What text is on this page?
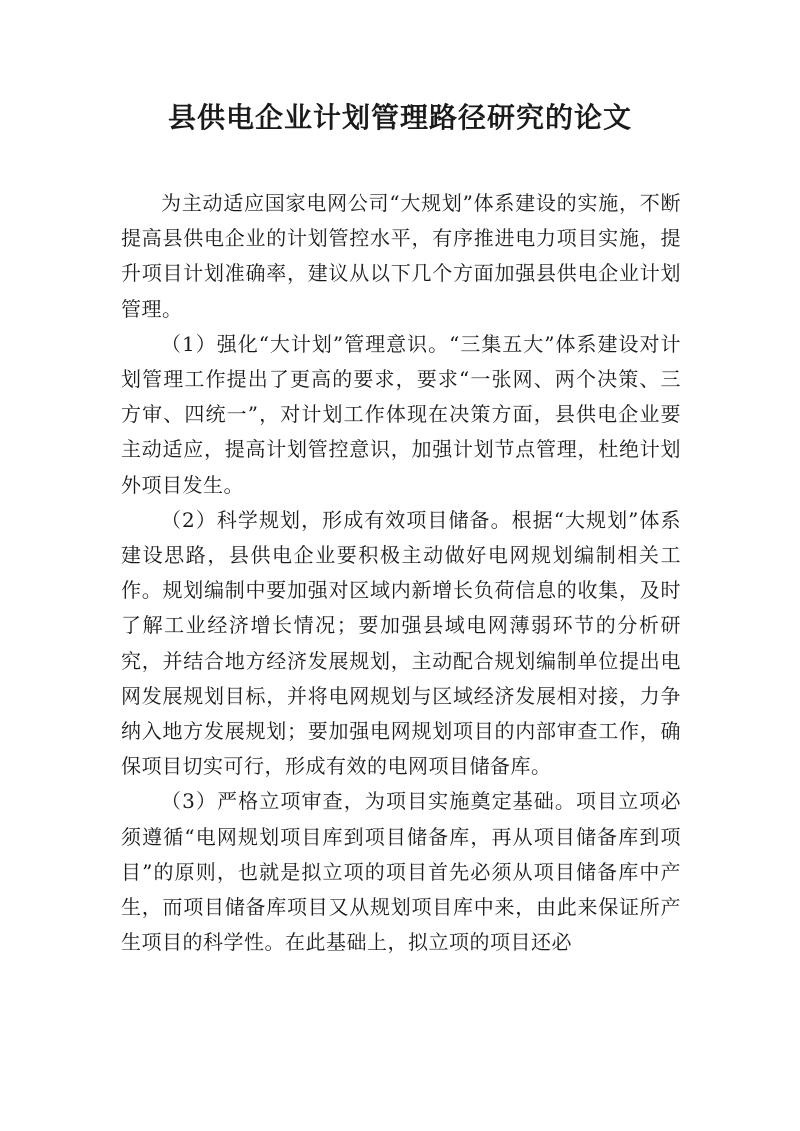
县供电企业计划管理路径研究的论文

为主动适应国家电网公司“大规划”体系建设的实施，不断提高县供电企业的计划管控水平，有序推进电力项目实施，提升项目计划准确率，建议从以下几个方面加强县供电企业计划管理。

（1）强化“大计划”管理意识。“三集五大”体系建设对计划管理工作提出了更高的要求，要求“一张网、两个决策、三方审、四统一”，对计划工作体现在决策方面，县供电企业要主动适应，提高计划管控意识，加强计划节点管理，杜绝计划外项目发生。

（2）科学规划，形成有效项目储备。根据“大规划”体系建设思路，县供电企业要积极主动做好电网规划编制相关工作。规划编制中要加强对区域内新增长负荷信息的收集，及时了解工业经济增长情况；要加强县域电网薄弱环节的分析研究，并结合地方经济发展规划，主动配合规划编制单位提出电网发展规划目标，并将电网规划与区域经济发展相对接，力争纳入地方发展规划；要加强电网规划项目的内部审查工作，确保项目切实可行，形成有效的电网项目储备库。

（3）严格立项审查，为项目实施奠定基础。项目立项必须遵循“电网规划项目库到项目储备库，再从项目储备库到项目”的原则，也就是拟立项的项目首先必须从项目储备库中产生，而项目储备库项目又从规划项目库中来，由此来保证所产生项目的科学性。在此基础上，拟立项的项目还必
